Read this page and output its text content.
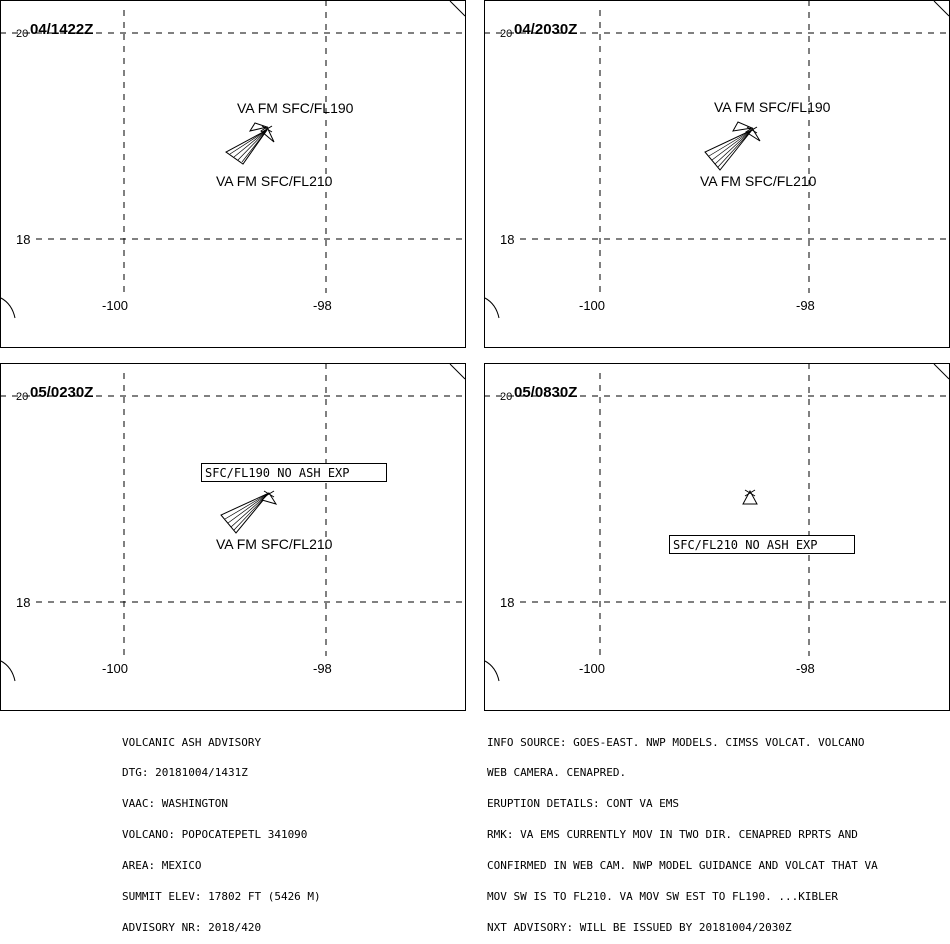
20 04/1422Z
18
-100	-98
VA FM SFC/FL190
VA FM SFC/FL210
20 04/2030Z
18
-100	-98
VA FM SFC/FL190
VA FM SFC/FL210
20 05/0230Z
18
-100	-98
SFC/FL190 NO ASH EXP
VA FM SFC/FL210
20 05/0830Z
18
-100	-98
SFC/FL210 NO ASH EXP

VOLCANIC ASH ADVISORY

DTG: 20181004/1431Z

VAAC: WASHINGTON

VOLCANO: POPOCATEPETL 341090

AREA: MEXICO

SUMMIT ELEV: 17802 FT (5426 M)

ADVISORY NR: 2018/420

INFO SOURCE: GOES-EAST. NWP MODELS. CIMSS VOLCAT. VOLCANO

WEB CAMERA. CENAPRED.

ERUPTION DETAILS: CONT VA EMS

RMK: VA EMS CURRENTLY MOV IN TWO DIR. CENAPRED RPRTS AND

CONFIRMED IN WEB CAM. NWP MODEL GUIDANCE AND VOLCAT THAT VA

MOV SW IS TO FL210. VA MOV SW EST TO FL190. ...KIBLER

NXT ADVISORY: WILL BE ISSUED BY 20181004/2030Z
